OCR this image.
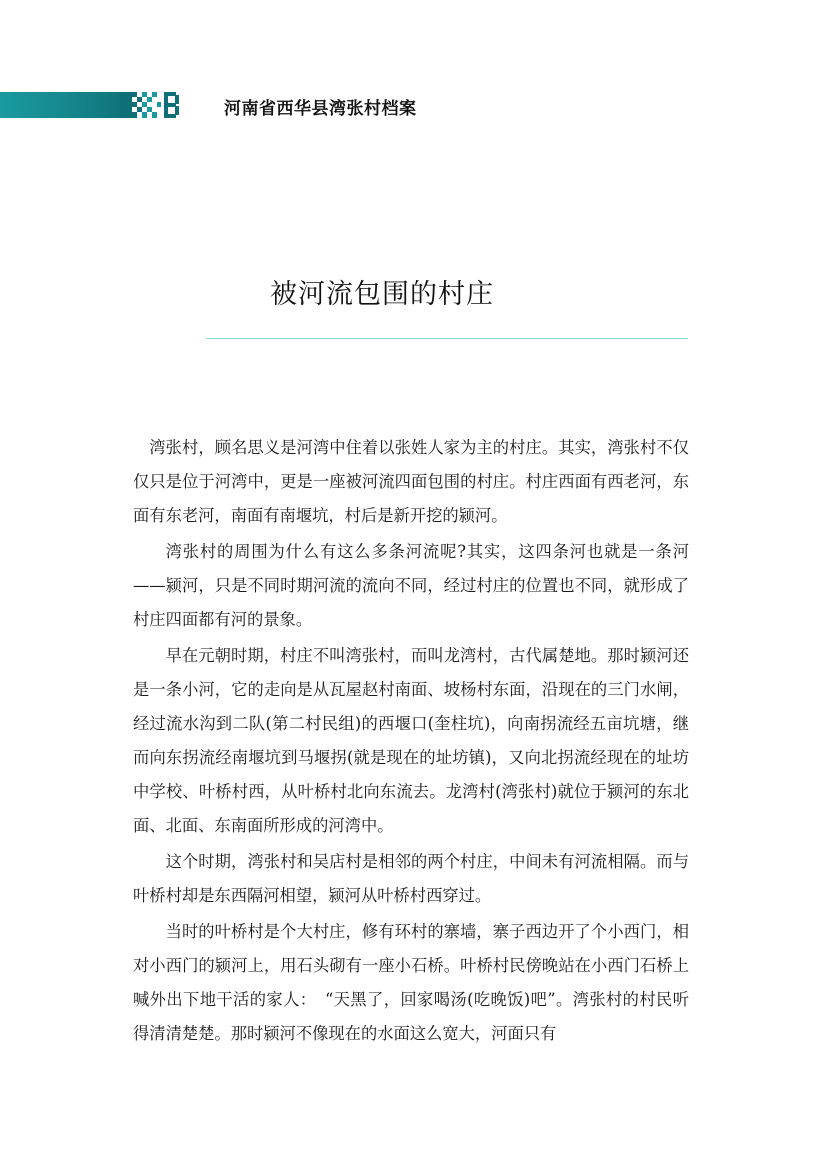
河南省西华县湾张村档案
被河流包围的村庄

湾张村，顾名思义是河湾中住着以张姓人家为主的村庄。其实，湾张村不仅仅只是位于河湾中，更是一座被河流四面包围的村庄。村庄西面有西老河，东面有东老河，南面有南堰坑，村后是新开挖的颍河。

湾张村的周围为什么有这么多条河流呢?其实，这四条河也就是一条河——颍河，只是不同时期河流的流向不同，经过村庄的位置也不同，就形成了村庄四面都有河的景象。

早在元朝时期，村庄不叫湾张村，而叫龙湾村，古代属楚地。那时颍河还是一条小河，它的走向是从瓦屋赵村南面、坡杨村东面，沿现在的三门水闸，经过流水沟到二队(第二村民组)的西堰口(奎柱坑)，向南拐流经五亩坑塘，继而向东拐流经南堰坑到马堰拐(就是现在的址坊镇)，又向北拐流经现在的址坊中学校、叶桥村西，从叶桥村北向东流去。龙湾村(湾张村)就位于颍河的东北面、北面、东南面所形成的河湾中。

这个时期，湾张村和吴店村是相邻的两个村庄，中间未有河流相隔。而与叶桥村却是东西隔河相望，颍河从叶桥村西穿过。

当时的叶桥村是个大村庄，修有环村的寨墙，寨子西边开了个小西门，相对小西门的颍河上，用石头砌有一座小石桥。叶桥村民傍晚站在小西门石桥上喊外出下地干活的家人：　“天黑了，回家喝汤(吃晚饭)吧”。湾张村的村民听得清清楚楚。那时颍河不像现在的水面这么宽大，河面只有
